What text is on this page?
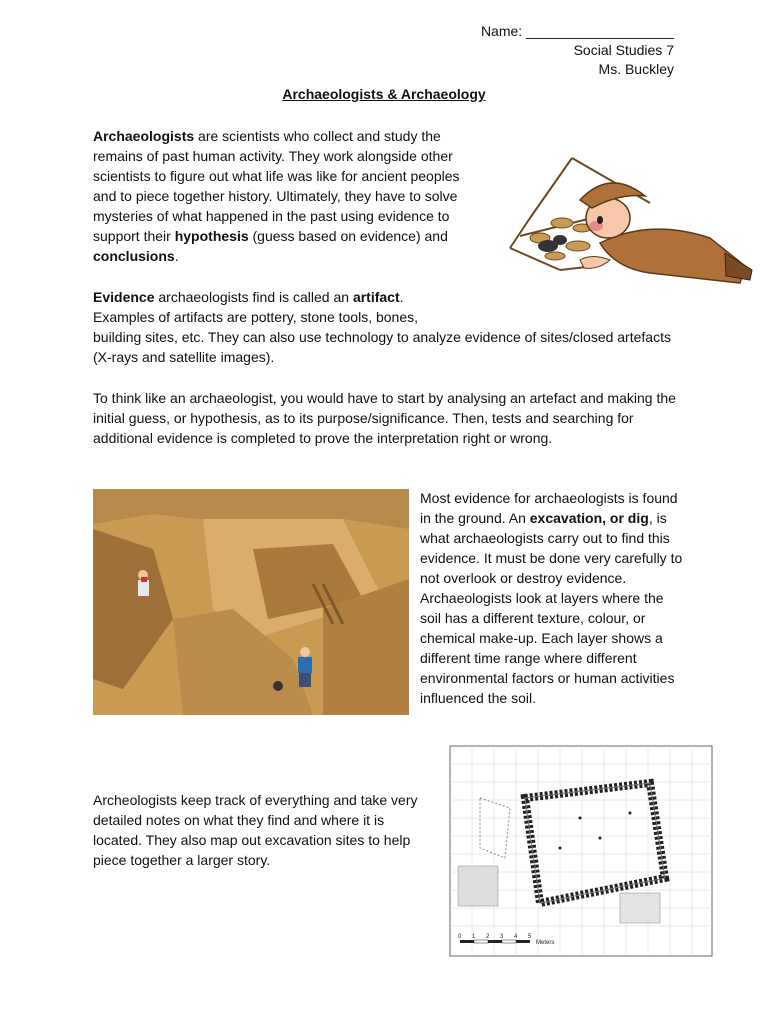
Name: ___________________
Social Studies 7
Ms. Buckley
Archaeologists & Archaeology

Archaeologists are scientists who collect and study the remains of past human activity. They work alongside other scientists to figure out what life was like for ancient peoples and to piece together history. Ultimately, they have to solve mysteries of what happened in the past using evidence to support their hypothesis (guess based on evidence) and conclusions.

Evidence archaeologists find is called an artifact.
Examples of artifacts are pottery, stone tools, bones,
building sites, etc. They can also use technology to analyze evidence of sites/closed artefacts (X-rays and satellite images).

To think like an archaeologist, you would have to start by analysing an artefact and making the initial guess, or hypothesis, as to its purpose/significance. Then, tests and searching for additional evidence is completed to prove the interpretation right or wrong.

Most evidence for archaeologists is found in the ground. An excavation, or dig, is what archaeologists carry out to find this evidence. It must be done very carefully to not overlook or destroy evidence. Archaeologists look at layers where the soil has a different texture, colour, or chemical make-up. Each layer shows a different time range where different environmental factors or human activities influenced the soil.

Archeologists keep track of everything and take very detailed notes on what they find and where it is located. They also map out excavation sites to help piece together a larger story.

0 1 2 3 4 5
Meters
